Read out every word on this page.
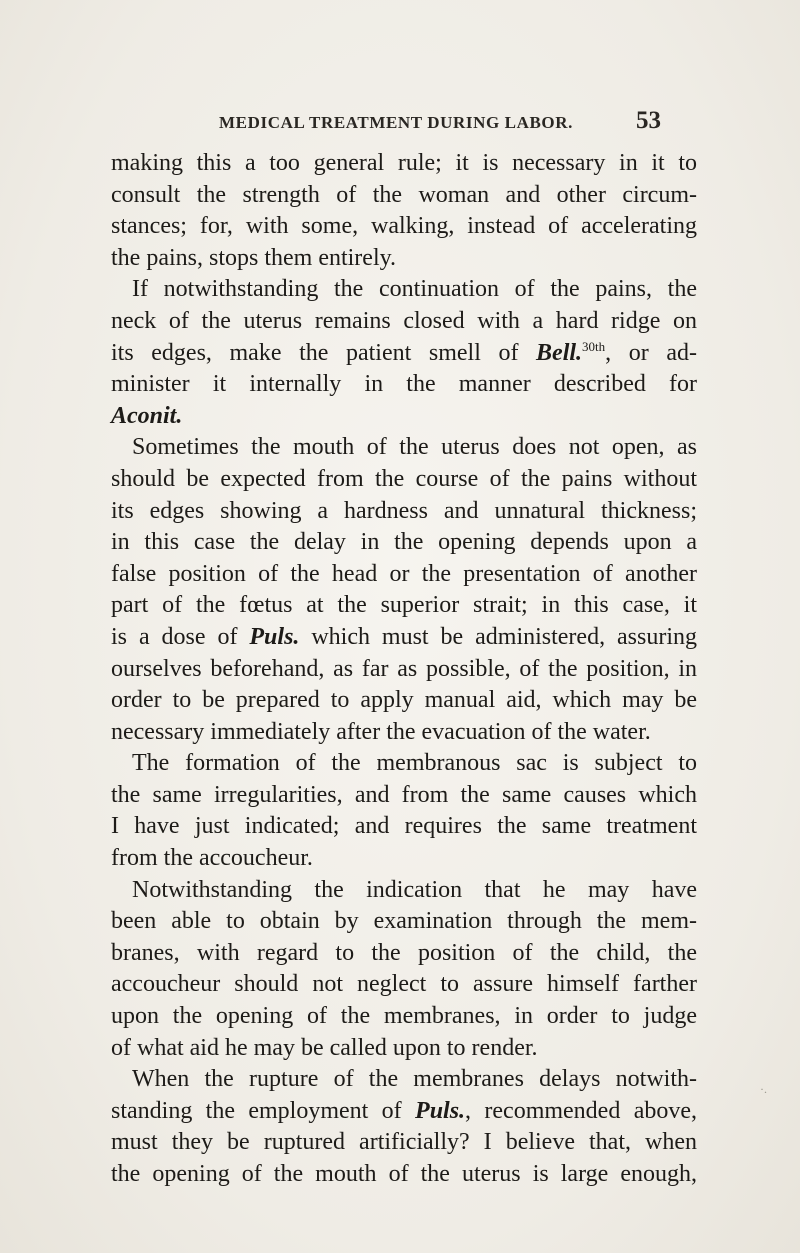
MEDICAL TREATMENT DURING LABOR.	53
making this a too general rule; it is necessary in it to
consult the strength of the woman and other circum-
stances; for, with some, walking, instead of accelerating
the pains, stops them entirely.
If notwithstanding the continuation of the pains, the
neck of the uterus remains closed with a hard ridge on
its edges, make the patient smell of Bell.$^{30th}$, or ad-
minister it internally in the manner described for
Aconit.
Sometimes the mouth of the uterus does not open, as
should be expected from the course of the pains without
its edges showing a hardness and unnatural thickness;
in this case the delay in the opening depends upon a
false position of the head or the presentation of another
part of the fœtus at the superior strait; in this case, it
is a dose of Puls. which must be administered, assuring
ourselves beforehand, as far as possible, of the position, in
order to be prepared to apply manual aid, which may be
necessary immediately after the evacuation of the water.
The formation of the membranous sac is subject to
the same irregularities, and from the same causes which
I have just indicated; and requires the same treatment
from the accoucheur.
Notwithstanding the indication that he may have
been able to obtain by examination through the mem-
branes, with regard to the position of the child, the
accoucheur should not neglect to assure himself farther
upon the opening of the membranes, in order to judge
of what aid he may be called upon to render.
When the rupture of the membranes delays notwith-
standing the employment of Puls., recommended above,
must they be ruptured artificially? I believe that, when
the opening of the mouth of the uterus is large enough,
·.
